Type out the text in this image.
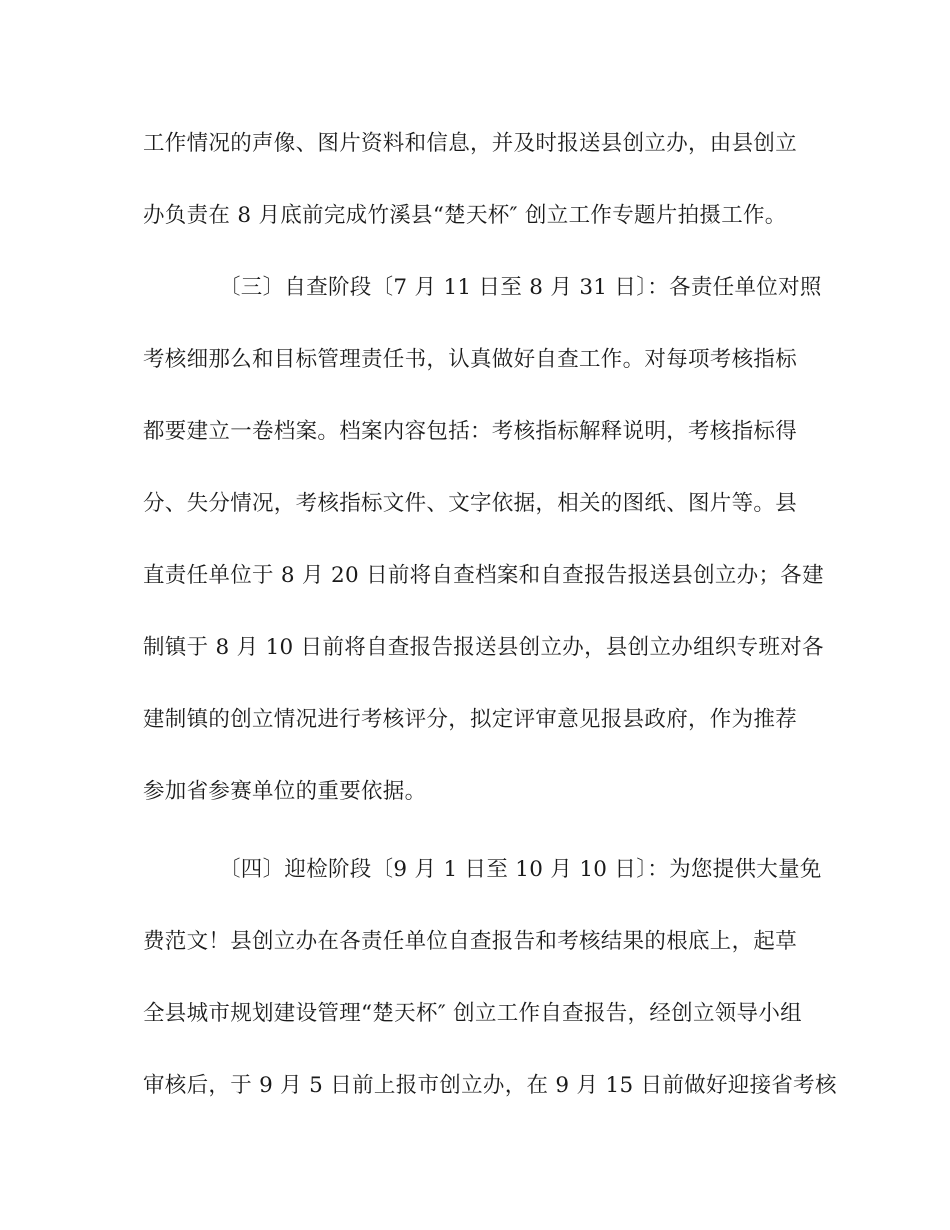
工作情况的声像、图片资料和信息，并及时报送县创立办，由县创立
办负责在 8 月底前完成竹溪县“楚天杯″ 创立工作专题片拍摄工作。
〔三〕自查阶段〔7 月 11 日至 8 月 31 日〕：各责任单位对照
考核细那么和目标管理责任书，认真做好自查工作。对每项考核指标
都要建立一卷档案。档案内容包括：考核指标解释说明，考核指标得
分、失分情况，考核指标文件、文字依据，相关的图纸、图片等。县
直责任单位于 8 月 20 日前将自查档案和自查报告报送县创立办；各建
制镇于 8 月 10 日前将自查报告报送县创立办，县创立办组织专班对各
建制镇的创立情况进行考核评分，拟定评审意见报县政府，作为推荐
参加省参赛单位的重要依据。
〔四〕迎检阶段〔9 月 1 日至 10 月 10 日〕：为您提供大量免
费范文！县创立办在各责任单位自查报告和考核结果的根底上，起草
全县城市规划建设管理“楚天杯″ 创立工作自查报告，经创立领导小组
审核后，于 9 月 5 日前上报市创立办，在 9 月 15 日前做好迎接省考核
